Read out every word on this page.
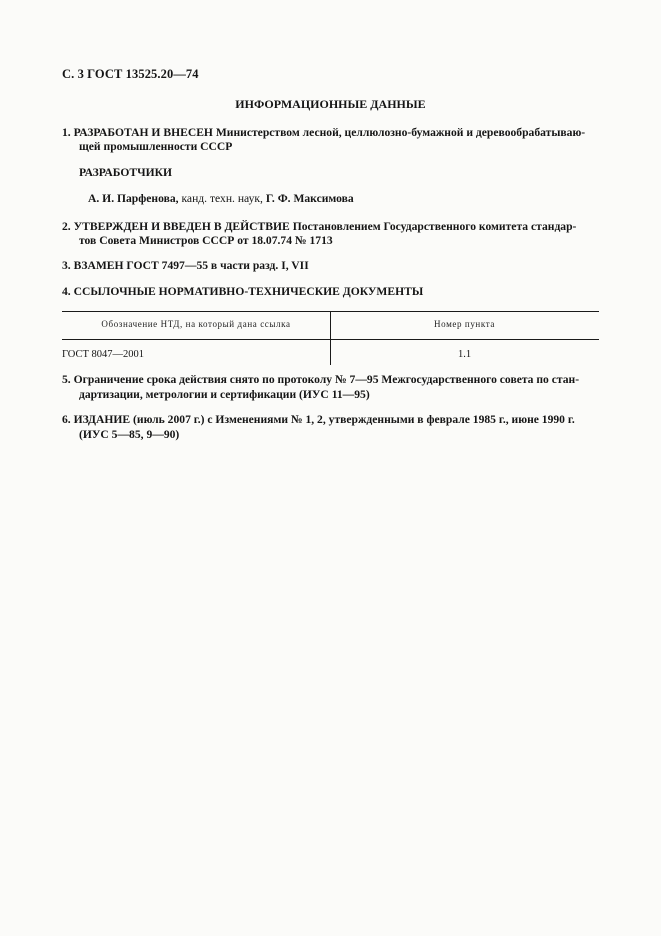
С. 3 ГОСТ 13525.20—74
ИНФОРМАЦИОННЫЕ ДАННЫЕ
1. РАЗРАБОТАН И ВНЕСЕН Министерством лесной, целлюлозно-бумажной и деревообрабатываю-
щей промышленности СССР
РАЗРАБОТЧИКИ
А. И. Парфенова, канд. техн. наук, Г. Ф. Максимова
2. УТВЕРЖДЕН И ВВЕДЕН В ДЕЙСТВИЕ Постановлением Государственного комитета стандар-
тов Совета Министров СССР от 18.07.74 № 1713
3. ВЗАМЕН ГОСТ 7497—55 в части разд. I, VII
4. ССЫЛОЧНЫЕ НОРМАТИВНО-ТЕХНИЧЕСКИЕ ДОКУМЕНТЫ
Обозначение НТД, на который дана ссылка	Номер пункта
ГОСТ 8047—2001	1.1
5. Ограничение срока действия снято по протоколу № 7—95 Межгосударственного совета по стан-
дартизации, метрологии и сертификации (ИУС 11—95)
6. ИЗДАНИЕ (июль 2007 г.) с Изменениями № 1, 2, утвержденными в феврале 1985 г., июне 1990 г.
(ИУС 5—85, 9—90)
